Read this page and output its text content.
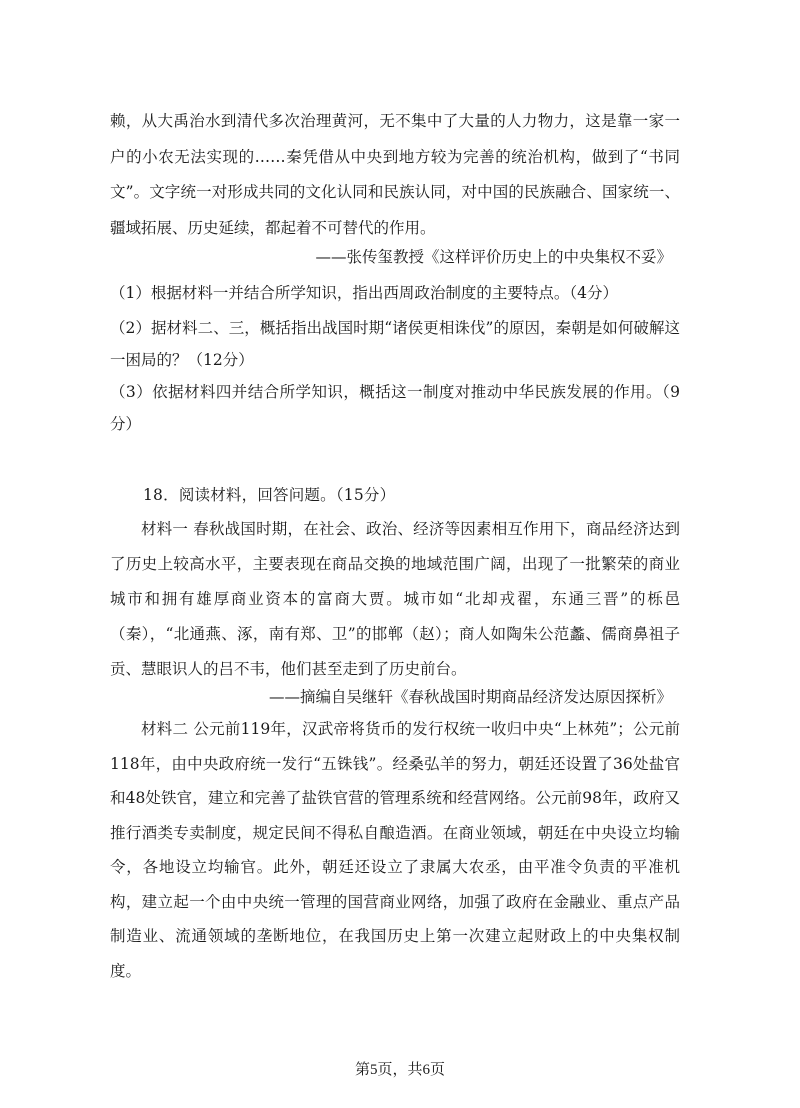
赖，从大禹治水到清代多次治理黄河，无不集中了大量的人力物力，这是靠一家一户的小农无法实现的……秦凭借从中央到地方较为完善的统治机构，做到了“书同文”。文字统一对形成共同的文化认同和民族认同，对中国的民族融合、国家统一、疆域拓展、历史延续，都起着不可替代的作用。
——张传玺教授《这样评价历史上的中央集权不妥》
（1）根据材料一并结合所学知识，指出西周政治制度的主要特点。（4分）
（2）据材料二、三，概括指出战国时期“诸侯更相诛伐”的原因，秦朝是如何破解这一困局的？（12分）
（3）依据材料四并结合所学知识，概括这一制度对推动中华民族发展的作用。（9分）
18．阅读材料，回答问题。（15分）
材料一 春秋战国时期，在社会、政治、经济等因素相互作用下，商品经济达到了历史上较高水平，主要表现在商品交换的地域范围广阔，出现了一批繁荣的商业城市和拥有雄厚商业资本的富商大贾。城市如“北却戎翟，东通三晋”的栎邑（秦），“北通燕、涿，南有郑、卫”的邯郸（赵）；商人如陶朱公范蠡、儒商鼻祖子贡、慧眼识人的吕不韦，他们甚至走到了历史前台。
——摘编自吴继轩《春秋战国时期商品经济发达原因探析》
材料二 公元前119年，汉武帝将货币的发行权统一收归中央“上林苑”；公元前118年，由中央政府统一发行“五铢钱”。经桑弘羊的努力，朝廷还设置了36处盐官和48处铁官，建立和完善了盐铁官营的管理系统和经营网络。公元前98年，政府又推行酒类专卖制度，规定民间不得私自酿造酒。在商业领域，朝廷在中央设立均输令，各地设立均输官。此外，朝廷还设立了隶属大农丞，由平准令负责的平准机构，建立起一个由中央统一管理的国营商业网络，加强了政府在金融业、重点产品制造业、流通领域的垄断地位，在我国历史上第一次建立起财政上的中央集权制度。
第5页，共6页
